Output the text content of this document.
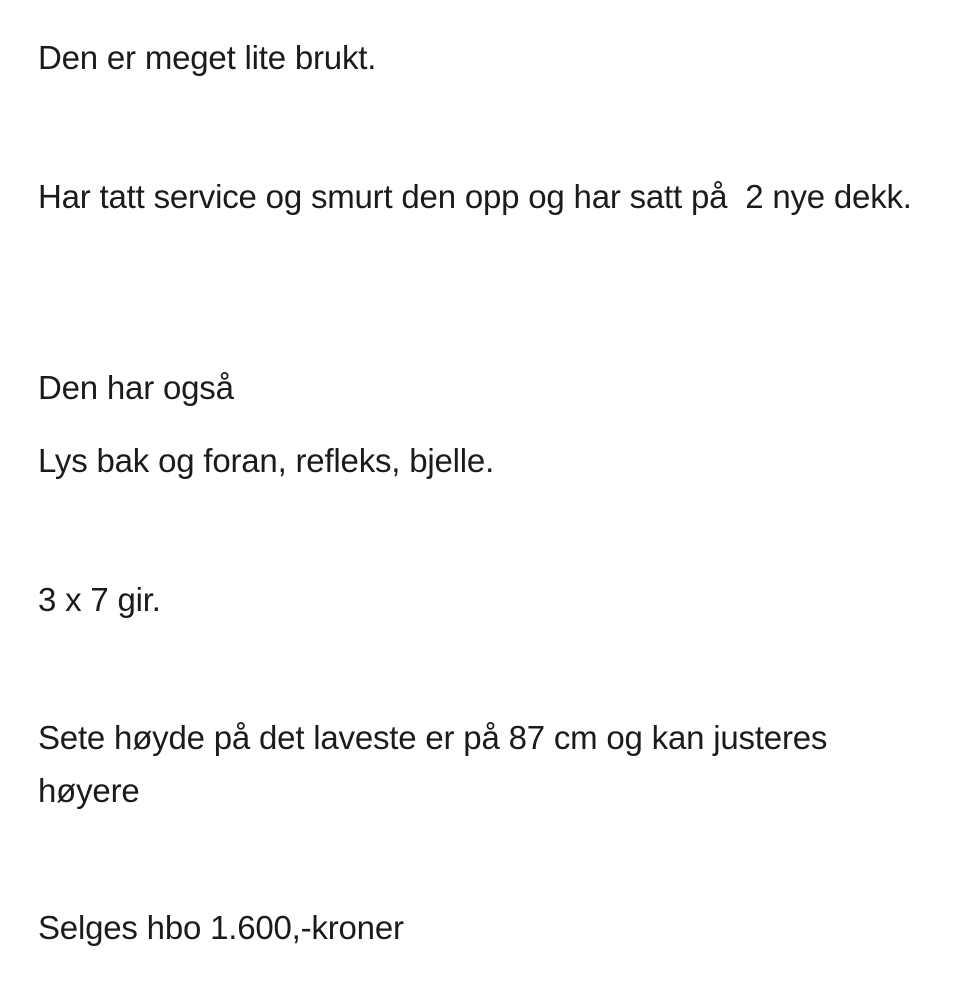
Den er meget lite brukt.

Har tatt service og smurt den opp og har satt på  2 nye dekk.

Den har også

Lys bak og foran, refleks, bjelle.

3 x 7 gir.

Sete høyde på det laveste er på 87 cm og kan justeres høyere

Selges hbo 1.600,-kroner
